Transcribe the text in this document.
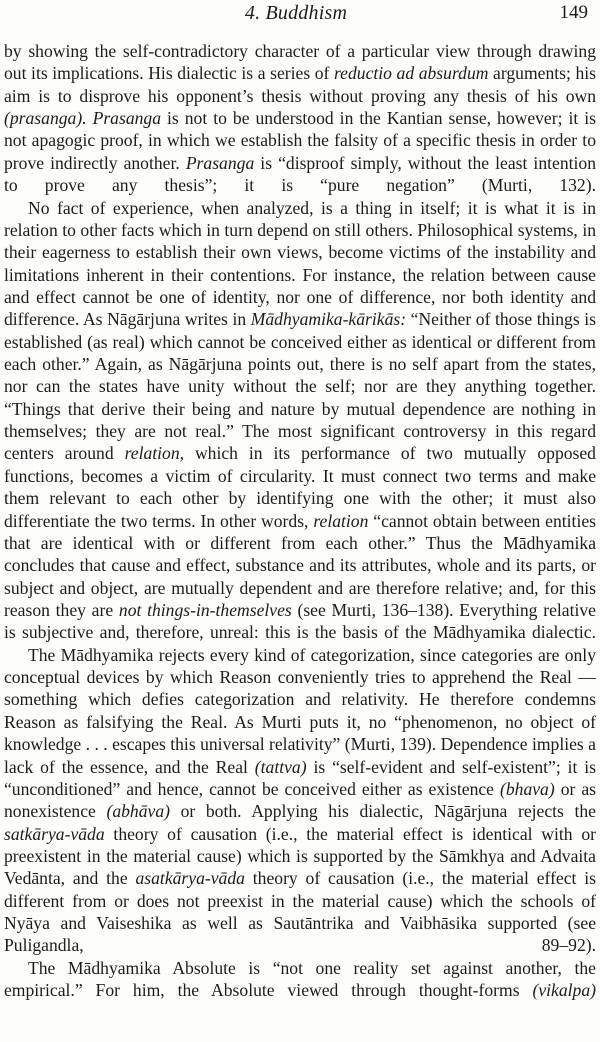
4. Buddhism	149

by showing the self-contradictory character of a particular view through drawing out its implications. His dialectic is a series of reductio ad absurdum arguments; his aim is to disprove his opponent’s thesis without proving any thesis of his own (prasanga). Prasanga is not to be understood in the Kantian sense, however; it is not apagogic proof, in which we establish the falsity of a specific thesis in order to prove indirectly another. Prasanga is “disproof simply, without the least intention to prove any thesis”; it is “pure negation” (Murti, 132).

No fact of experience, when analyzed, is a thing in itself; it is what it is in relation to other facts which in turn depend on still others. Philosophical systems, in their eagerness to establish their own views, become victims of the instability and limitations inherent in their contentions. For instance, the relation between cause and effect cannot be one of identity, nor one of difference, nor both identity and difference. As Nāgārjuna writes in Mādhyamika-kārikās: “Neither of those things is established (as real) which cannot be conceived either as identical or different from each other.” Again, as Nāgārjuna points out, there is no self apart from the states, nor can the states have unity without the self; nor are they anything together. “Things that derive their being and nature by mutual dependence are nothing in themselves; they are not real.” The most significant controversy in this regard centers around relation, which in its performance of two mutually opposed functions, becomes a victim of circularity. It must connect two terms and make them relevant to each other by identifying one with the other; it must also differentiate the two terms. In other words, relation “cannot obtain between entities that are identical with or different from each other.” Thus the Mādhyamika concludes that cause and effect, substance and its attributes, whole and its parts, or subject and object, are mutually dependent and are therefore relative; and, for this reason they are not things-in-themselves (see Murti, 136–138). Everything relative is subjective and, therefore, unreal: this is the basis of the Mādhyamika dialectic.

The Mādhyamika rejects every kind of categorization, since categories are only conceptual devices by which Reason conveniently tries to apprehend the Real — something which defies categorization and relativity. He therefore condemns Reason as falsifying the Real. As Murti puts it, no “phenomenon, no object of knowledge . . . escapes this universal relativity” (Murti, 139). Dependence implies a lack of the essence, and the Real (tattva) is “self-evident and self-existent”; it is “unconditioned” and hence, cannot be conceived either as existence (bhava) or as nonexistence (abhāva) or both. Applying his dialectic, Nāgārjuna rejects the satkārya-vāda theory of causation (i.e., the material effect is identical with or preexistent in the material cause) which is supported by the Sāmkhya and Advaita Vedānta, and the asatkārya-vāda theory of causation (i.e., the material effect is different from or does not preexist in the material cause) which the schools of Nyāya and Vaiseshika as well as Sautāntrika and Vaibhāsika supported (see Puligandla, 89–92).

The Mādhyamika Absolute is “not one reality set against another, the empirical.” For him, the Absolute viewed through thought-forms (vikalpa)
